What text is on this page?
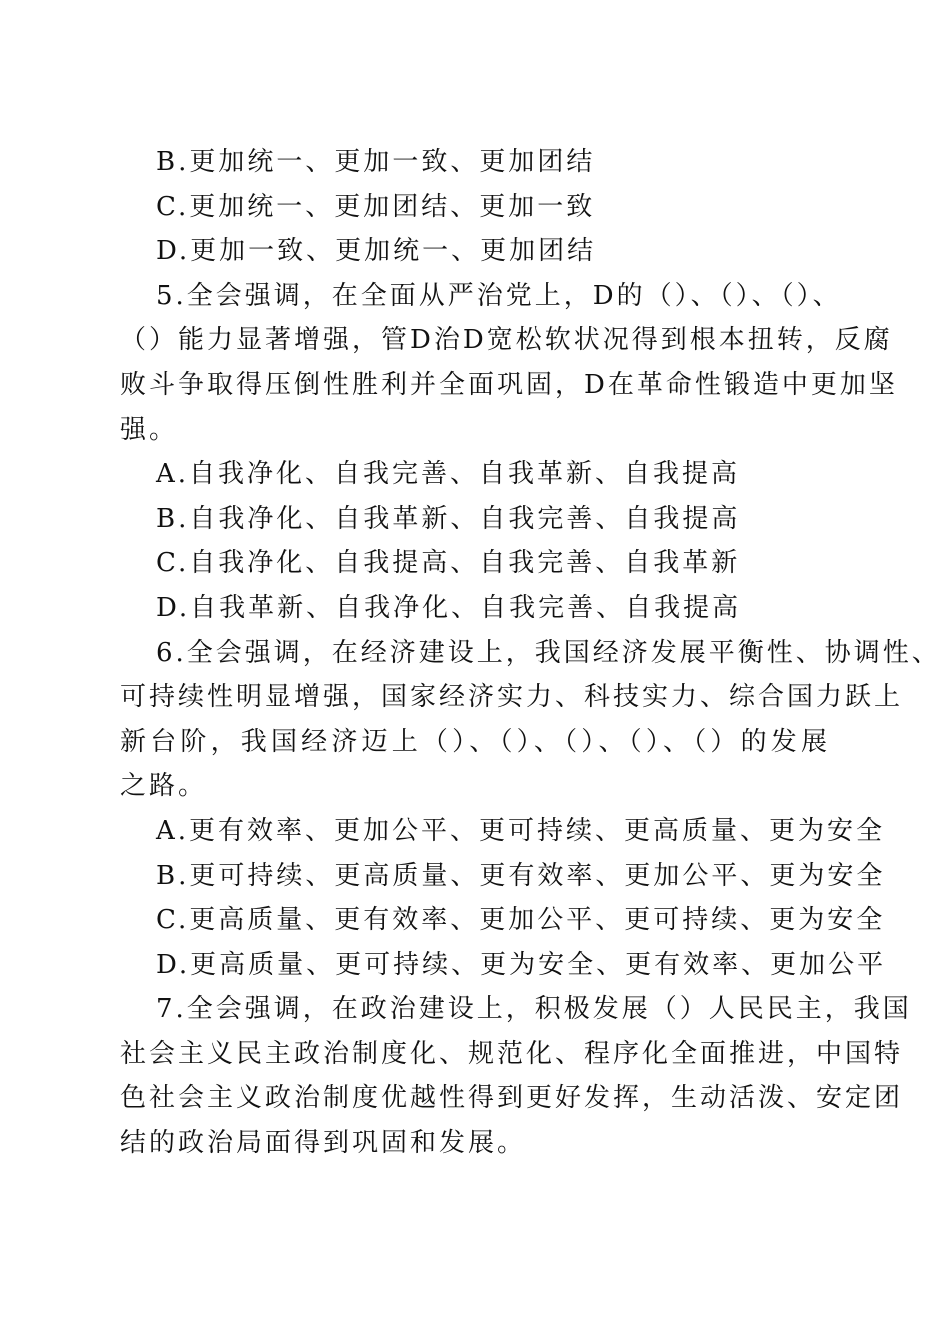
B.更加统一、更加一致、更加团结
C.更加统一、更加团结、更加一致
D.更加一致、更加统一、更加团结
5.全会强调，在全面从严治党上，D的（）、（）、（）、
（）能力显著增强，管D治D宽松软状况得到根本扭转，反腐
败斗争取得压倒性胜利并全面巩固，D在革命性锻造中更加坚
强。
A.自我净化、自我完善、自我革新、自我提高
B.自我净化、自我革新、自我完善、自我提高
C.自我净化、自我提高、自我完善、自我革新
D.自我革新、自我净化、自我完善、自我提高
6.全会强调，在经济建设上，我国经济发展平衡性、协调性、
可持续性明显增强，国家经济实力、科技实力、综合国力跃上
新台阶，我国经济迈上（）、（）、（）、（）、（）的发展
之路。
A.更有效率、更加公平、更可持续、更高质量、更为安全
B.更可持续、更高质量、更有效率、更加公平、更为安全
C.更高质量、更有效率、更加公平、更可持续、更为安全
D.更高质量、更可持续、更为安全、更有效率、更加公平
7.全会强调，在政治建设上，积极发展（）人民民主，我国
社会主义民主政治制度化、规范化、程序化全面推进，中国特
色社会主义政治制度优越性得到更好发挥，生动活泼、安定团
结的政治局面得到巩固和发展。
